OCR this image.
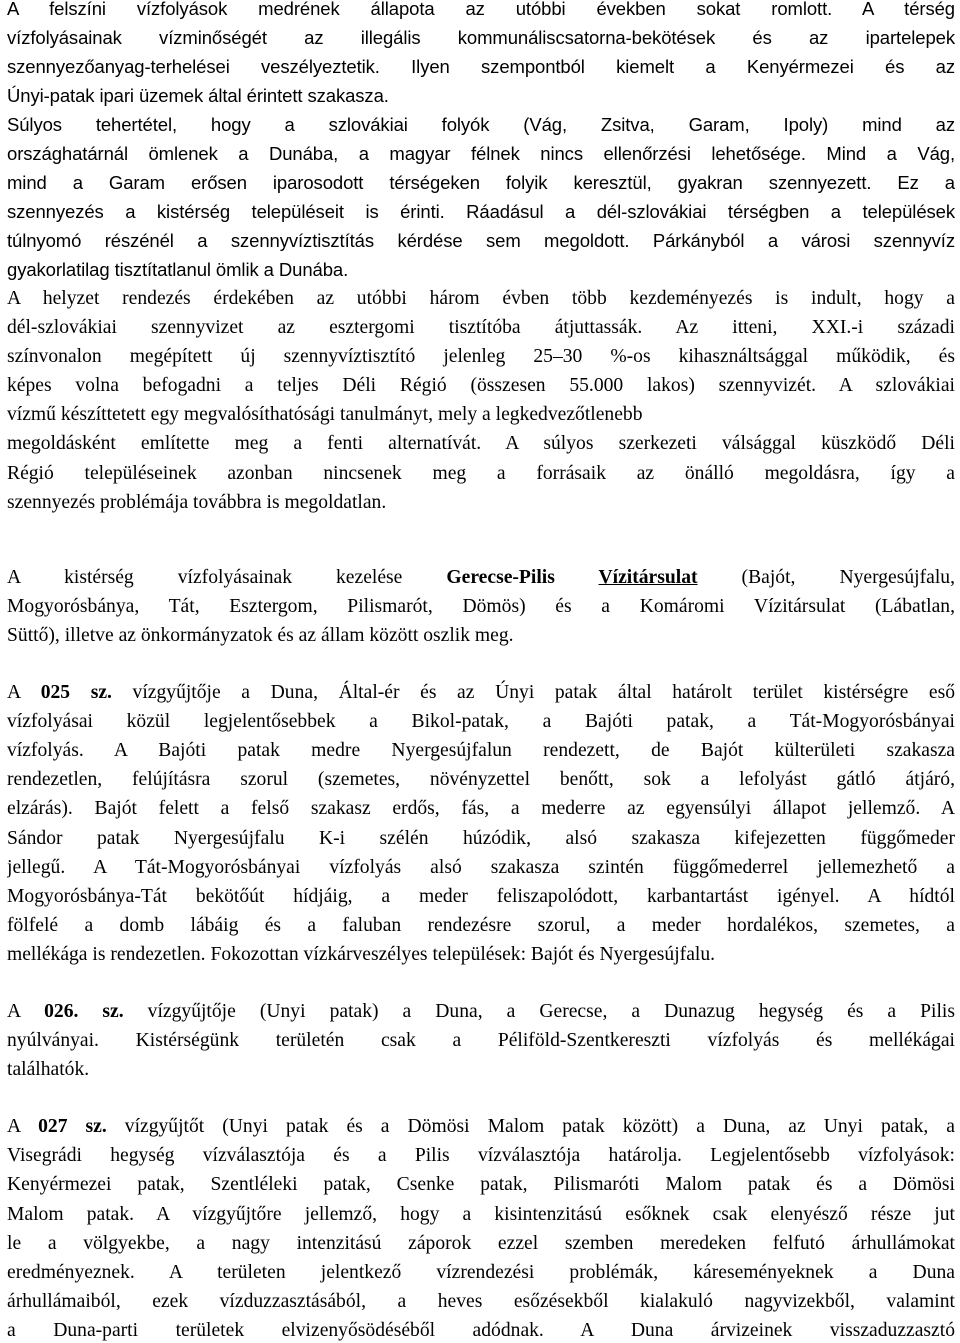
A felszíni vízfolyások medrének állapota az utóbbi években sokat romlott. A térség
vízfolyásainak vízminőségét az illegális kommunáliscsatorna-bekötések és az ipartelepek
szennyezőanyag-terhelései veszélyeztetik. Ilyen szempontból kiemelt a Kenyérmezei és az
Únyi-patak ipari üzemek által érintett szakasza.
Súlyos tehertétel, hogy a szlovákiai folyók (Vág, Zsitva, Garam, Ipoly) mind az
országhatárnál ömlenek a Dunába, a magyar félnek nincs ellenőrzési lehetősége. Mind a Vág,
mind a Garam erősen iparosodott térségeken folyik keresztül, gyakran szennyezett. Ez a
szennyezés a kistérség településeit is érinti. Ráadásul a dél-szlovákiai térségben a települések
túlnyomó részénél a szennyvíztisztítás kérdése sem megoldott. Párkányból a városi szennyvíz
gyakorlatilag tisztítatlanul ömlik a Dunába.
A helyzet rendezés érdekében az utóbbi három évben több kezdeményezés is indult, hogy a
dél-szlovákiai szennyvizet az esztergomi tisztítóba átjuttassák. Az itteni, XXI.-i századi
színvonalon megépített új szennyvíztisztító jelenleg 25–30 %-os kihasználtsággal működik, és
képes volna befogadni a teljes Déli Régió (összesen 55.000 lakos) szennyvizét. A szlovákiai
vízmű készíttetett egy megvalósíthatósági tanulmányt, mely a legkedvezőtlenebb
megoldásként említette meg a fenti alternatívát. A súlyos szerkezeti válsággal küszködő Déli
Régió településeinek azonban nincsenek meg a forrásaik az önálló megoldásra, így a
szennyezés problémája továbbra is megoldatlan.
A kistérség vízfolyásainak kezelése Gerecse-Pilis Vízitársulat (Bajót, Nyergesújfalu,
Mogyorósbánya, Tát, Esztergom, Pilismarót, Dömös) és a Komáromi Vízitársulat (Lábatlan,
Süttő), illetve az önkormányzatok és az állam között oszlik meg.
A 025 sz. vízgyűjtője a Duna, Által-ér és az Únyi patak által határolt terület kistérségre eső
vízfolyásai közül legjelentősebbek a Bikol-patak, a Bajóti patak, a Tát-Mogyorósbányai
vízfolyás. A Bajóti patak medre Nyergesújfalun rendezett, de Bajót külterületi szakasza
rendezetlen, felújításra szorul (szemetes, növényzettel benőtt, sok a lefolyást gátló átjáró,
elzárás). Bajót felett a felső szakasz erdős, fás, a mederre az egyensúlyi állapot jellemző. A
Sándor patak Nyergesújfalu K-i szélén húzódik, alsó szakasza kifejezetten függőmeder
jellegű. A Tát-Mogyorósbányai vízfolyás alsó szakasza szintén függőmederrel jellemezhető a
Mogyorósbánya-Tát bekötőút hídjáig, a meder feliszapolódott, karbantartást igényel. A hídtól
fölfelé a domb lábáig és a faluban rendezésre szorul, a meder hordalékos, szemetes, a
mellékága is rendezetlen. Fokozottan vízkárveszélyes települések: Bajót és Nyergesújfalu.
A 026. sz. vízgyűjtője (Unyi patak) a Duna, a Gerecse, a Dunazug hegység és a Pilis
nyúlványai. Kistérségünk területén csak a Péliföld-Szentkereszti vízfolyás és mellékágai
találhatók.
A 027 sz. vízgyűjtőt (Unyi patak és a Dömösi Malom patak között) a Duna, az Unyi patak, a
Visegrádi hegység vízválasztója és a Pilis vízválasztója határolja. Legjelentősebb vízfolyások:
Kenyérmezei patak, Szentléleki patak, Csenke patak, Pilismaróti Malom patak és a Dömösi
Malom patak. A vízgyűjtőre jellemző, hogy a kisintenzitású esőknek csak elenyésző része jut
le a völgyekbe, a nagy intenzitású záporok ezzel szemben meredeken felfutó árhullámokat
eredményeznek. A területen jelentkező vízrendezési problémák, káreseményeknek a Duna
árhullámaiból, ezek vízduzzasztásából, a heves esőzésekből kialakuló nagyvizekből, valamint
a Duna-parti területek elvizenyősödéséből adódnak. A Duna árvizeinek visszaduzzasztó
